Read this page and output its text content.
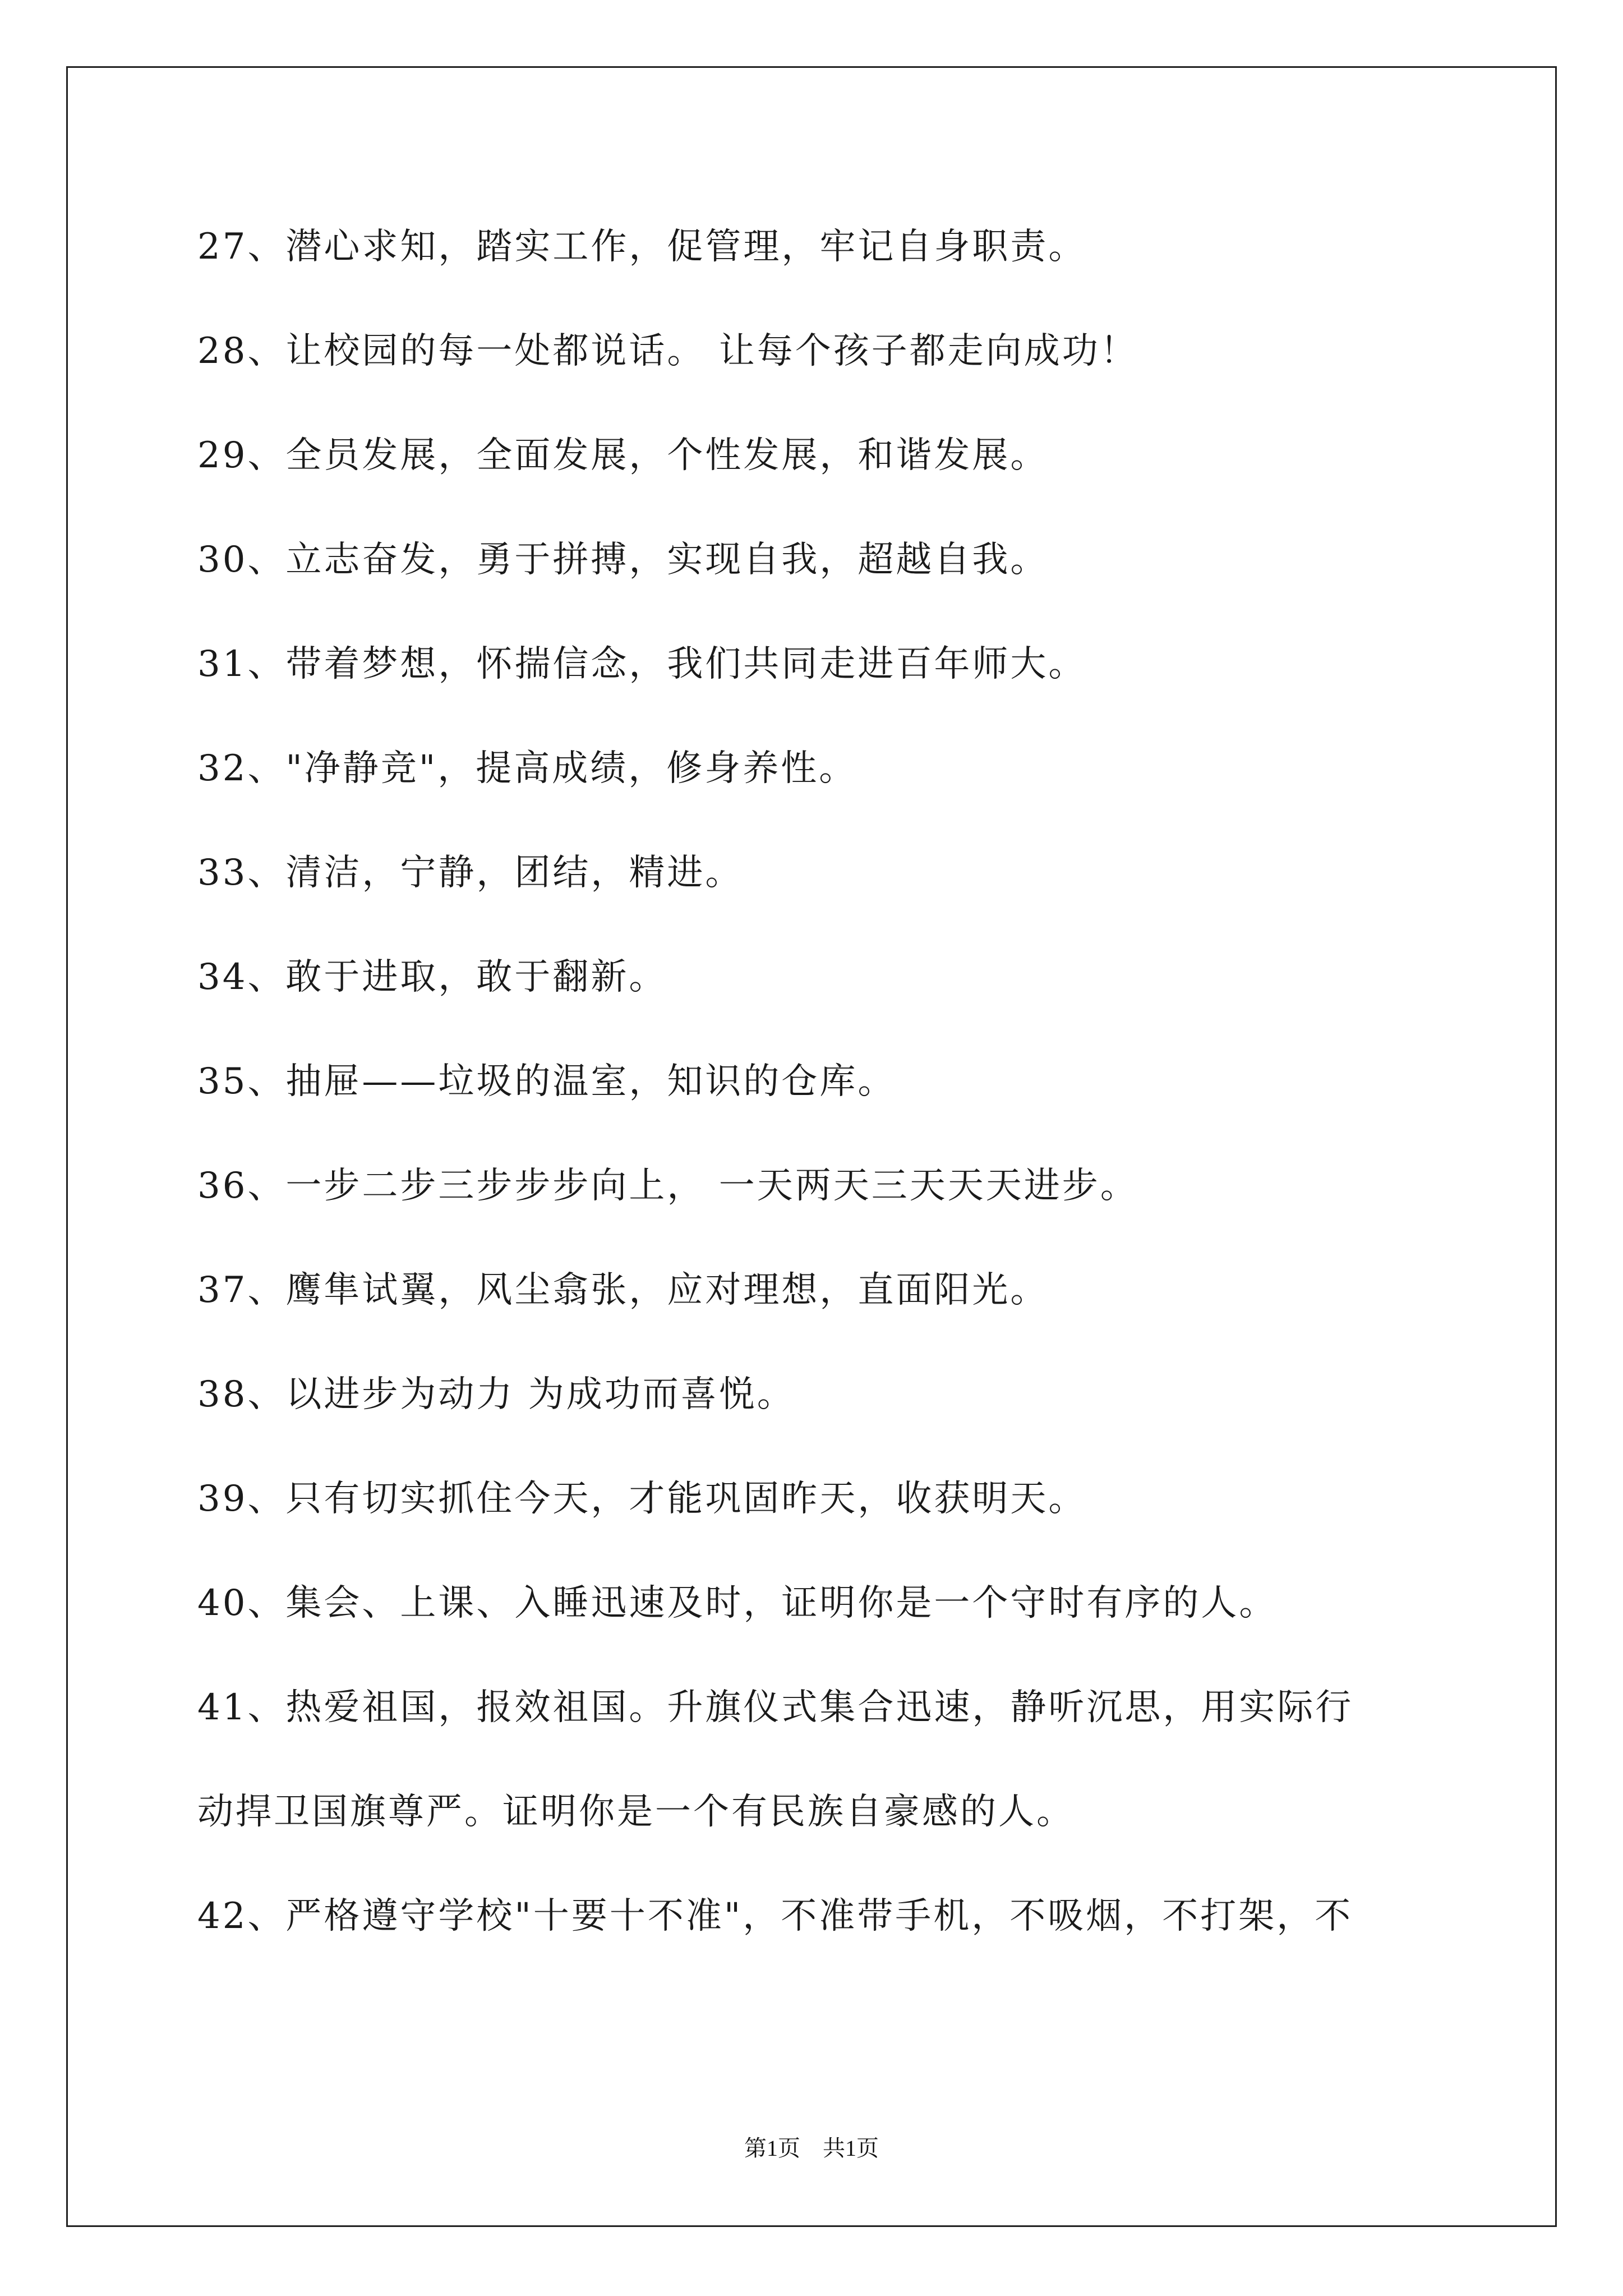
27、潜心求知，踏实工作，促管理，牢记自身职责。
28、让校园的每一处都说话。 让每个孩子都走向成功！
29、全员发展，全面发展，个性发展，和谐发展。
30、立志奋发，勇于拼搏，实现自我，超越自我。
31、带着梦想，怀揣信念，我们共同走进百年师大。
32、"净静竞"，提高成绩，修身养性。
33、清洁，宁静，团结，精进。
34、敢于进取，敢于翻新。
35、抽屉——垃圾的温室，知识的仓库。
36、一步二步三步步步向上， 一天两天三天天天进步。
37、鹰隼试翼，风尘翕张，应对理想，直面阳光。
38、以进步为动力 为成功而喜悦。
39、只有切实抓住今天，才能巩固昨天，收获明天。
40、集会、上课、入睡迅速及时，证明你是一个守时有序的人。
41、热爱祖国，报效祖国。升旗仪式集合迅速，静听沉思，用实际行
动捍卫国旗尊严。证明你是一个有民族自豪感的人。
42、严格遵守学校"十要十不准"，不准带手机，不吸烟，不打架，不
第1页　共1页
